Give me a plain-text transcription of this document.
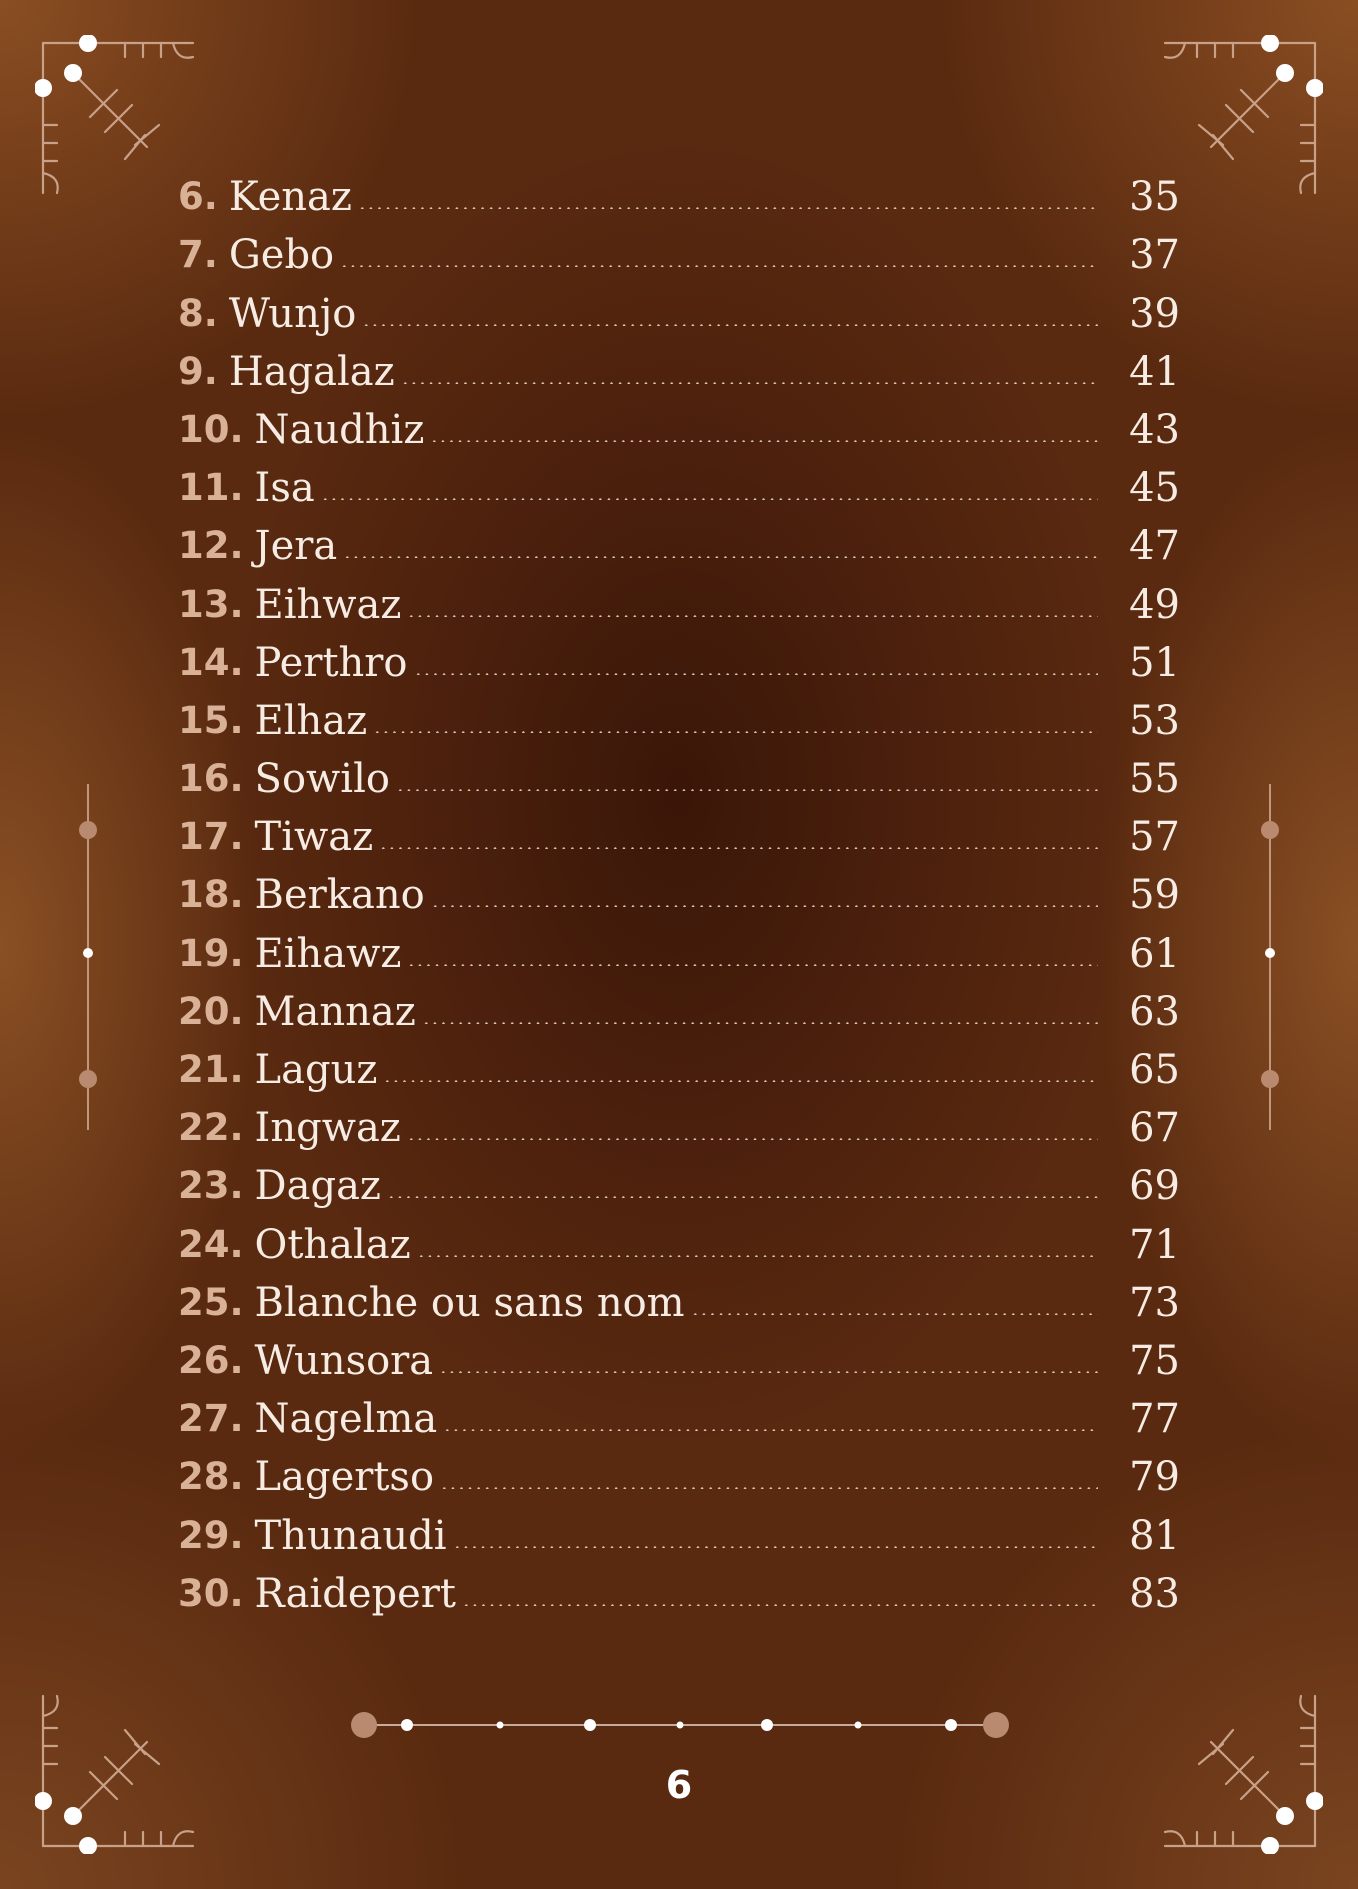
6. Kenaz	35
7. Gebo	37
8. Wunjo	39
9. Hagalaz	41
10. Naudhiz	43
11. Isa	45
12. Jera	47
13. Eihwaz	49
14. Perthro	51
15. Elhaz	53
16. Sowilo	55
17. Tiwaz	57
18. Berkano	59
19. Eihawz	61
20. Mannaz	63
21. Laguz	65
22. Ingwaz	67
23. Dagaz	69
24. Othalaz	71
25. Blanche ou sans nom	73
26. Wunsora	75
27. Nagelma	77
28. Lagertso	79
29. Thunaudi	81
30. Raidepert	83
6
